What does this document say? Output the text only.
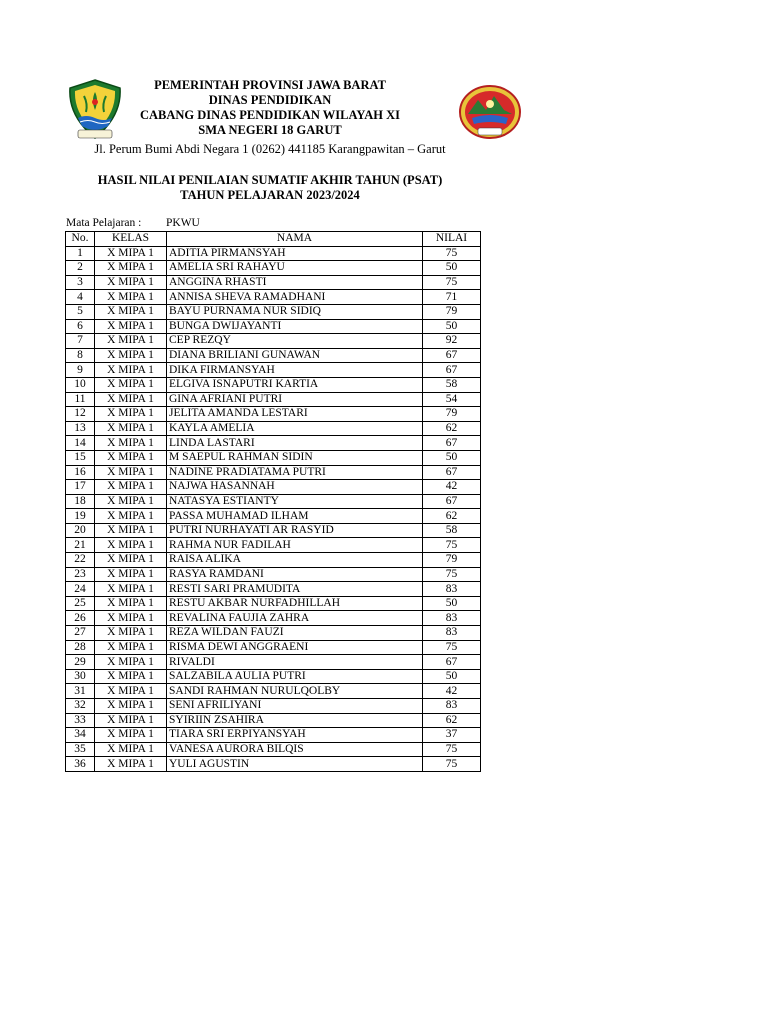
PEMERINTAH PROVINSI JAWA BARAT
DINAS PENDIDIKAN
CABANG DINAS PENDIDIKAN WILAYAH XI
SMA NEGERI 18 GARUT
Jl. Perum Bumi Abdi Negara 1 (0262) 441185 Karangpawitan – Garut
HASIL NILAI PENILAIAN SUMATIF AKHIR TAHUN (PSAT)
TAHUN PELAJARAN 2023/2024
Mata Pelajaran : PKWU
No.	KELAS	NAMA	NILAI
1	X MIPA 1	ADITIA PIRMANSYAH	75
2	X MIPA 1	AMELIA SRI RAHAYU	50
3	X MIPA 1	ANGGINA RHASTI	75
4	X MIPA 1	ANNISA SHEVA RAMADHANI	71
5	X MIPA 1	BAYU PURNAMA NUR SIDIQ	79
6	X MIPA 1	BUNGA DWIJAYANTI	50
7	X MIPA 1	CEP REZQY	92
8	X MIPA 1	DIANA BRILIANI GUNAWAN	67
9	X MIPA 1	DIKA FIRMANSYAH	67
10	X MIPA 1	ELGIVA ISNAPUTRI KARTIA	58
11	X MIPA 1	GINA AFRIANI PUTRI	54
12	X MIPA 1	JELITA AMANDA LESTARI	79
13	X MIPA 1	KAYLA AMELIA	62
14	X MIPA 1	LINDA LASTARI	67
15	X MIPA 1	M SAEPUL RAHMAN SIDIN	50
16	X MIPA 1	NADINE PRADIATAMA PUTRI	67
17	X MIPA 1	NAJWA HASANNAH	42
18	X MIPA 1	NATASYA ESTIANTY	67
19	X MIPA 1	PASSA MUHAMAD ILHAM	62
20	X MIPA 1	PUTRI NURHAYATI AR RASYID	58
21	X MIPA 1	RAHMA NUR FADILAH	75
22	X MIPA 1	RAISA ALIKA	79
23	X MIPA 1	RASYA RAMDANI	75
24	X MIPA 1	RESTI SARI PRAMUDITA	83
25	X MIPA 1	RESTU AKBAR NURFADHILLAH	50
26	X MIPA 1	REVALINA FAUJIA ZAHRA	83
27	X MIPA 1	REZA WILDAN FAUZI	83
28	X MIPA 1	RISMA DEWI ANGGRAENI	75
29	X MIPA 1	RIVALDI	67
30	X MIPA 1	SALZABILA AULIA PUTRI	50
31	X MIPA 1	SANDI RAHMAN NURULQOLBY	42
32	X MIPA 1	SENI AFRILIYANI	83
33	X MIPA 1	SYIRIIN ZSAHIRA	62
34	X MIPA 1	TIARA SRI ERPIYANSYAH	37
35	X MIPA 1	VANESA AURORA BILQIS	75
36	X MIPA 1	YULI AGUSTIN	75
